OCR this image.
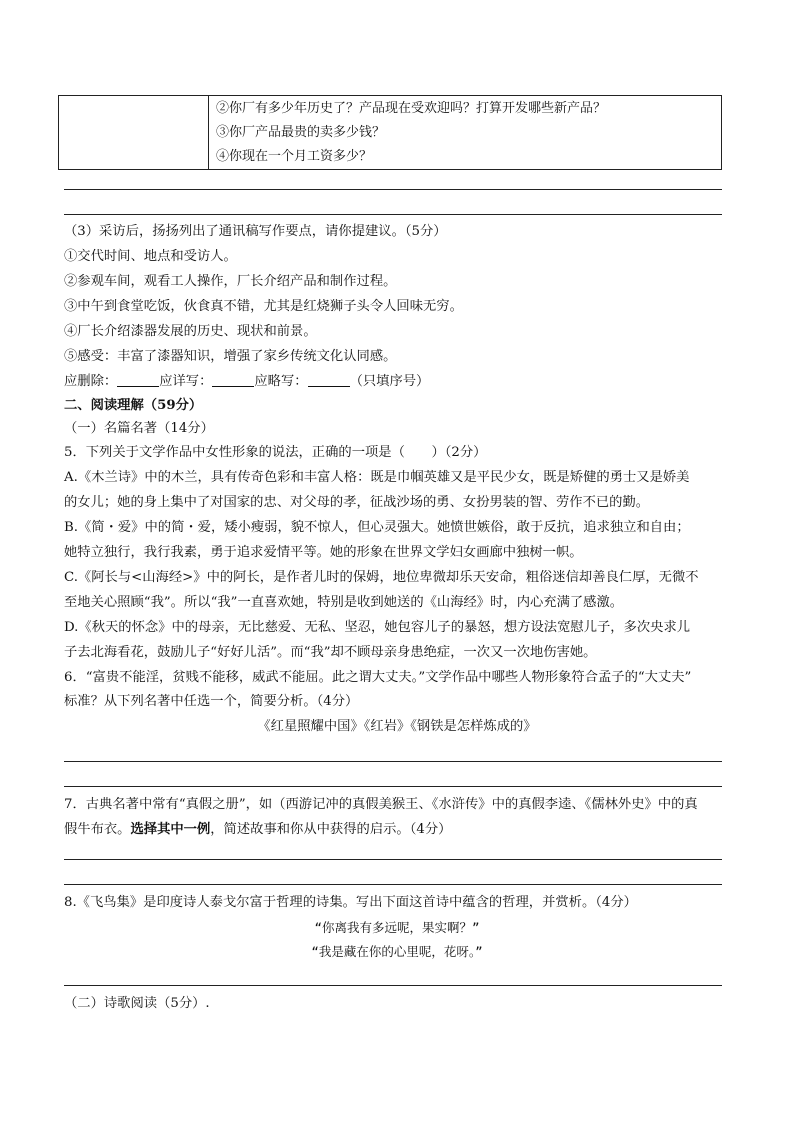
②你厂有多少年历史了？产品现在受欢迎吗？打算开发哪些新产品？
③你厂产品最贵的卖多少钱？
④你现在一个月工资多少？
（3）采访后，扬扬列出了通讯稿写作要点，请你提建议。（5分）
①交代时间、地点和受访人。
②参观车间，观看工人操作，厂长介绍产品和制作过程。
③中午到食堂吃饭，伙食真不错，尤其是红烧狮子头令人回味无穷。
④厂长介绍漆器发展的历史、现状和前景。
⑤感受：丰富了漆器知识，增强了家乡传统文化认同感。
应删除：	应详写：	应略写：	（只填序号）
二、阅读理解（59分）
（一）名篇名著（14分）
5．下列关于文学作品中女性形象的说法，正确的一项是（　　）（2分）
A.《木兰诗》中的木兰，具有传奇色彩和丰富人格：既是巾帼英雄又是平民少女，既是矫健的勇士又是娇美
的女儿；她的身上集中了对国家的忠、对父母的孝，征战沙场的勇、女扮男装的智、劳作不已的勤。
B.《简・爱》中的简・爱，矮小瘦弱，貌不惊人，但心灵强大。她愤世嫉俗，敢于反抗，追求独立和自由；
她特立独行，我行我素，勇于追求爱情平等。她的形象在世界文学妇女画廊中独树一帜。
C.《阿长与<山海经>》中的阿长，是作者儿时的保姆，地位卑微却乐天安命，粗俗迷信却善良仁厚，无微不
至地关心照顾“我”。所以“我”一直喜欢她，特别是收到她送的《山海经》时，内心充满了感激。
D.《秋天的怀念》中的母亲，无比慈爱、无私、坚忍，她包容儿子的暴怒，想方设法宽慰儿子，多次央求儿
子去北海看花，鼓励儿子“好好儿活”。而“我”却不顾母亲身患绝症，一次又一次地伤害她。
6．“富贵不能淫，贫贱不能移，威武不能屈。此之谓大丈夫。”文学作品中哪些人物形象符合孟子的“大丈夫”
标准？从下列名著中任选一个，简要分析。（4分）
《红星照耀中国》《红岩》《钢铁是怎样炼成的》
7．古典名著中常有“真假之册”，如（西游记冲的真假美猴王、《水浒传》中的真假李逵、《儒林外史》中的真
假牛布衣。选择其中一例，简述故事和你从中获得的启示。（4分）
8.《飞鸟集》是印度诗人泰戈尔富于哲理的诗集。写出下面这首诗中蕴含的哲理，并赏析。（4分）
“你离我有多远呢，果实啊？”
“我是藏在你的心里呢，花呀。”
（二）诗歌阅读（5分）.
